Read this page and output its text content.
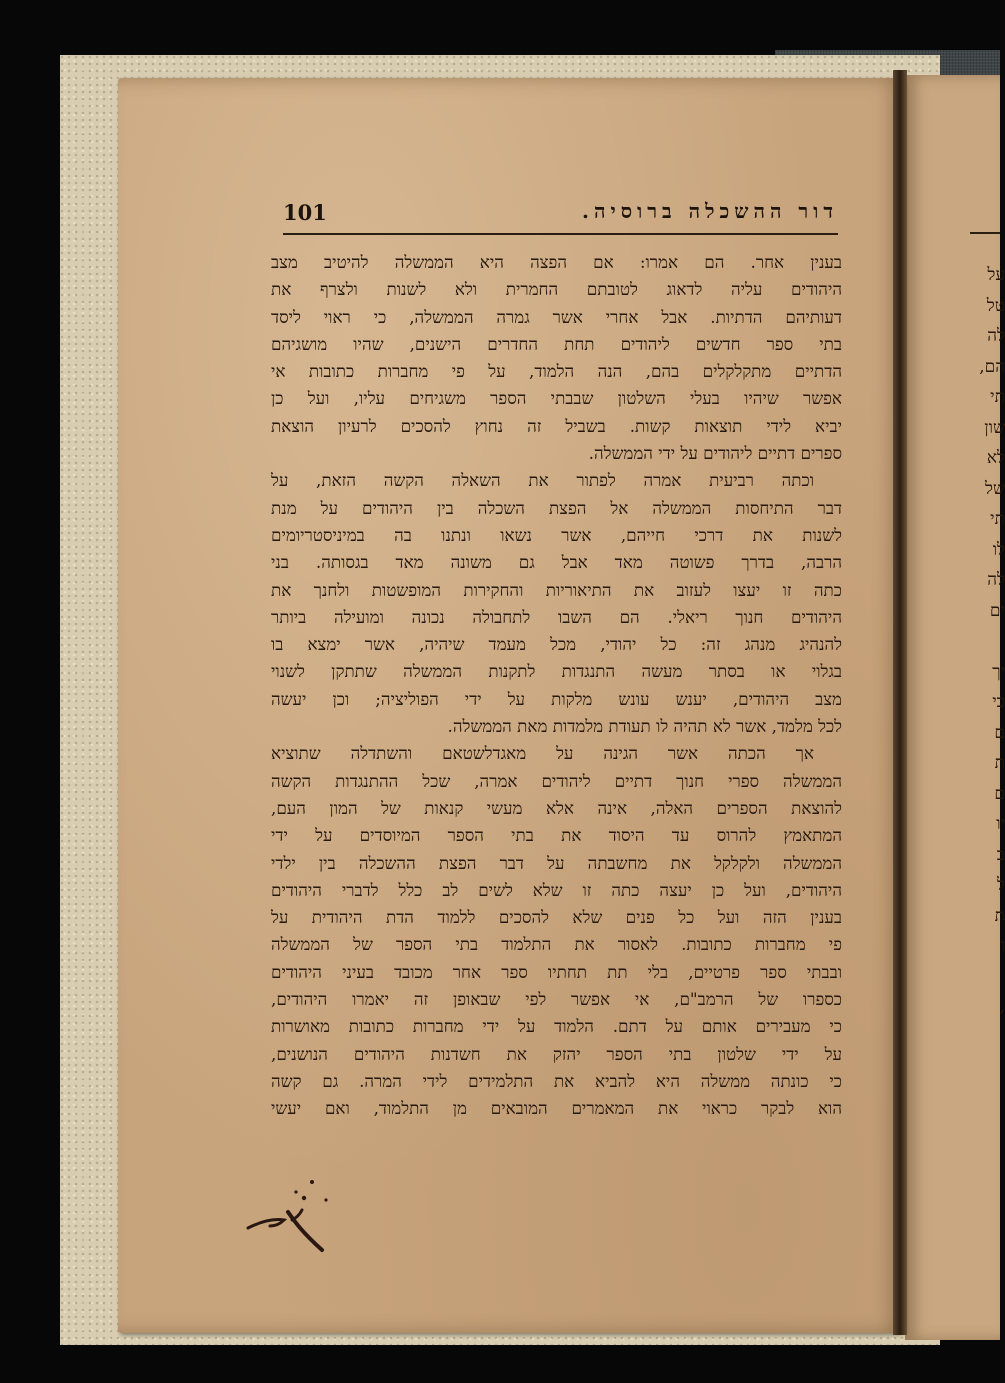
על
טל
לה
הם,
תי
שון
לא
של
תי
לו
לה
ים
יך
כי
ם
ת
ם
יו
ב
ל
ת
ו
,
101	דור ההשכלה ברוסיה.
בענין אחר. הם אמרו: אם הפצה היא הממשלה להיטיב מצב
היהודים עליה לדאוג לטובתם החמרית ולא לשנות ולצרף את
דעותיהם הדתיות. אבל אחרי אשר גמרה הממשלה, כי ראוי ליסד
בתי ספר חדשים ליהודים תחת החדרים הישנים, שהיו מושגיהם
הדתיים מתקלקלים בהם, הנה הלמוד, על פי מחברות כתובות אי
אפשר שיהיו בעלי השלטון שבבתי הספר משגיחים עליו, ועל כן
יביא לידי תוצאות קשות. בשביל זה נחוץ להסכים לרעיון הוצאת
ספרים דתיים ליהודים על ידי הממשלה.
וכתה רביעית אמרה לפתור את השאלה הקשה הזאת, על
דבר התיחסות הממשלה אל הפצת השכלה בין היהודים על מנת
לשנות את דרכי חייהם, אשר נשאו ונתנו בה במיניסטריומים
הרבה, בדרך פשוטה מאד אבל גם משונה מאד בגסותה. בני
כתה זו יעצו לעזוב את התיאוריות והחקירות המופשטות ולחנך את
היהודים חנוך ריאלי. הם השבו לתחבולה נכונה ומועילה ביותר
להנהיג מנהג זה: כל יהודי, מכל מעמד שיהיה, אשר ימצא בו
בגלוי או בסתר מעשה התנגדות לתקנות הממשלה שתתקן לשנוי
מצב היהודים, יענש עונש מלקות על ידי הפוליציה; וכן יעשה
לכל מלמד, אשר לא תהיה לו תעודת מלמדות מאת הממשלה.
אך הכתה אשר הגינה על מאגדלשטאם והשתדלה שתוציא
הממשלה ספרי חנוך דתיים ליהודים אמרה, שכל ההתנגדות הקשה
להוצאת הספרים האלה, אינה אלא מעשי קנאות של המון העם,
המתאמץ להרוס עד היסוד את בתי הספר המיוסדים על ידי
הממשלה ולקלקל את מחשבתה על דבר הפצת ההשכלה בין ילדי
היהודים, ועל כן יעצה כתה זו שלא לשים לב כלל לדברי היהודים
בענין הזה ועל כל פנים שלא להסכים ללמוד הדת היהודית על
פי מחברות כתובות. לאסור את התלמוד בתי הספר של הממשלה
ובבתי ספר פרטיים, בלי תת תחתיו ספר אחר מכובד בעיני היהודים
כספרו של הרמב"ם, אי אפשר לפי שבאופן זה יאמרו היהודים,
כי מעבירים אותם על דתם. הלמוד על ידי מחברות כתובות מאושרות
על ידי שלטון בתי הספר יהזק את חשדנות היהודים הנושנים,
כי כונתה ממשלה היא להביא את התלמידים לידי המרה. גם קשה
הוא לבקר כראוי את המאמרים המובאים מן התלמוד, ואם יעשי
